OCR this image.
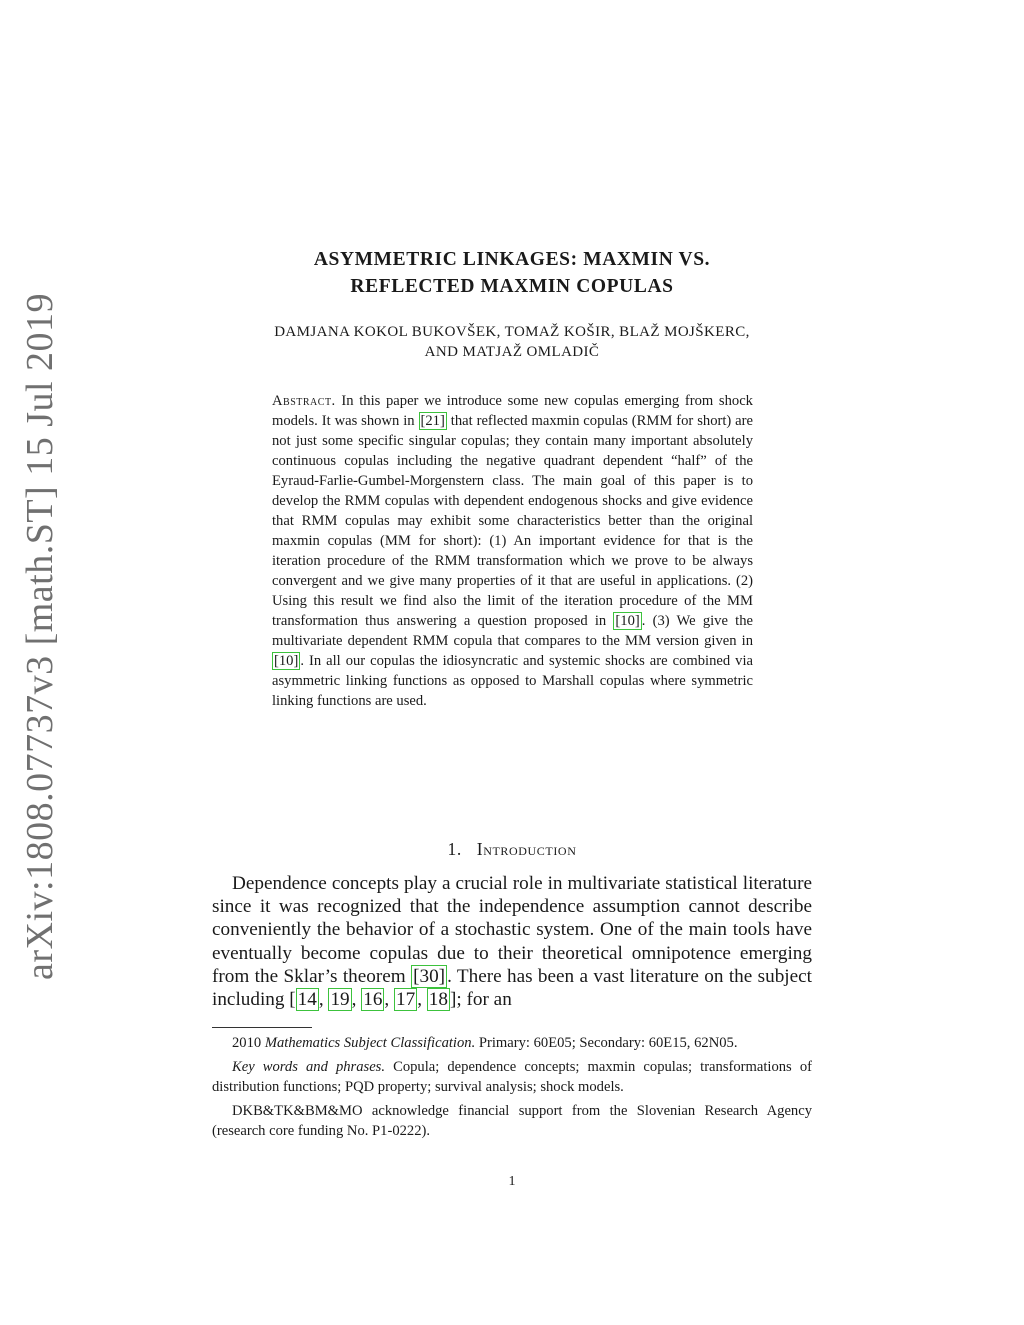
arXiv:1808.07737v3 [math.ST] 15 Jul 2019
ASYMMETRIC LINKAGES: MAXMIN VS.
REFLECTED MAXMIN COPULAS
DAMJANA KOKOL BUKOVŠEK, TOMAŽ KOŠIR, BLAŽ MOJŠKERC,
AND MATJAŽ OMLADIČ
Abstract. In this paper we introduce some new copulas emerging from shock models. It was shown in [21] that reflected maxmin copulas (RMM for short) are not just some specific singular copulas; they contain many important absolutely continuous copulas including the negative quadrant dependent “half” of the Eyraud-Farlie-Gumbel-Morgenstern class. The main goal of this paper is to develop the RMM copulas with dependent endogenous shocks and give evidence that RMM copulas may exhibit some characteristics better than the original maxmin copulas (MM for short): (1) An important evidence for that is the iteration procedure of the RMM transformation which we prove to be always convergent and we give many properties of it that are useful in applications. (2) Using this result we find also the limit of the iteration procedure of the MM transformation thus answering a question proposed in [10] . (3) We give the multivariate dependent RMM copula that compares to the MM version given in [10] . In all our copulas the idiosyncratic and systemic shocks are combined via asymmetric linking functions as opposed to Marshall copulas where symmetric linking functions are used.
1. Introduction
Dependence concepts play a crucial role in multivariate statistical literature since it was recognized that the independence assumption cannot describe conveniently the behavior of a stochastic system. One of the main tools have eventually become copulas due to their theoretical omnipotence emerging from the Sklar’s theorem [30] . There has been a vast literature on the subject including [ 14 , 19 , 16 , 17 , 18 ]; for an

2010 Mathematics Subject Classification. Primary: 60E05; Secondary: 60E15, 62N05.

Key words and phrases. Copula; dependence concepts; maxmin copulas; transformations of distribution functions; PQD property; survival analysis; shock models.

DKB&TK&BM&MO acknowledge financial support from the Slovenian Research Agency (research core funding No. P1-0222).

1
